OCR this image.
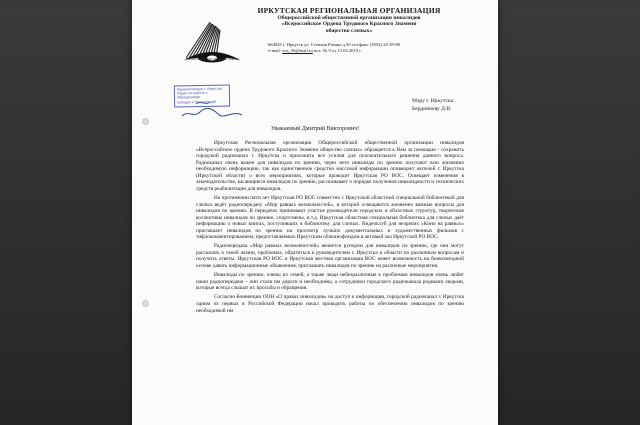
ВСЕРОССИЙСКОЕ ОБЩЕСТВО СЛЕПЫХ
ИРКУТСКАЯ РЕГИОНАЛЬНАЯ ОРГАНИЗАЦИЯ
Общероссийской общественной организации инвалидов
«Всероссийское Ордена Трудового Красного Знамени
общество слепых»
664025 г. Иркутск ул. Степана Разина д.30 тел/факс (3952) 24-39-80
e-mail: vos_56@mail.ru исх. № 9 от 13.03.2019 г.
Администрация г. Иркутска
Отдел по работе с обращениями
граждан и организаций	Мэру г. Иркутска
Бердникову Д.В.
Уважаемый Дмитрий Викторович!

Иркутская Региональная организация Общероссийской общественной организации инвалидов «Всероссийское ордена Трудового Красного Знамени общество слепых» обращается к Вам за помощью - сохранить городской радиоканал г. Иркутска и приложить все усилия для положительного решения данного вопроса. Радиоканал очень важен для инвалидов по зрению, через него инвалиды по зрению получают всю жизненно необходимую информацию, так как единственное средство массовой информации оповещает жителей г. Иркутска (Иркутской области) о всех мероприятиях, которые проводит Иркутская РО ВОС. Освещает изменения в законодательстве, касающиеся инвалидов по зрению, рассказывает о порядке получения инвалидности и технических средств реабилитации для инвалидов.

На протяжении пяти лет Иркутская РО ВОС совместно с Иркутской областной специальной библиотекой для слепых ведёт радиопередачу «Мир равных возможностей», в которой освещаются жизненно важные вопросы для инвалидов по зрению. В передачах принимают участие руководители городских и областных структур, творческие коллективы инвалидов по зрению, спортсмены, и.т.д. Иркутская областная специальная библиотека для слепых даёт информацию о новых книгах, поступивших в библиотеку для слепых. Видеоклуб для незрячих «Кино на равных» приглашает инвалидов по зрению на просмотр лучших документальных и художественных фильмов с тифлокомментированием, предоставляемых Иркутским облкинофондом в актовый зал Иркутской РО ВОС.

Радиопередача «Мир равных возможностей» является рупором для инвалидов по зрению, где они могут рассказать о своей жизни, проблемах, обратиться к руководителям г. Иркутска и области по различным вопросам и получить ответы. Иркутская РО ВОС и Иркутская местная организация ВОС имеет возможность на безвозмездной основе давать информационные объявления, приглашать инвалидов по зрению на различные мероприятия.

Инвалиды по зрению, члены их семей, а также люди небезразличные к проблемам инвалидов очень любят наши радиопередачи – они стали им дороги и необходимы, а сотрудники городского радиоканала родными людьми, которые всегда слышат их просьбы и обращения.

Согласно Конвенции ООН «О правах инвалидов» на доступ к информации, городской радиоканал г. Иркутска одним из первых в Российской Федерации начал проводить работы по обеспечению инвалидов по зрению необходимой им
